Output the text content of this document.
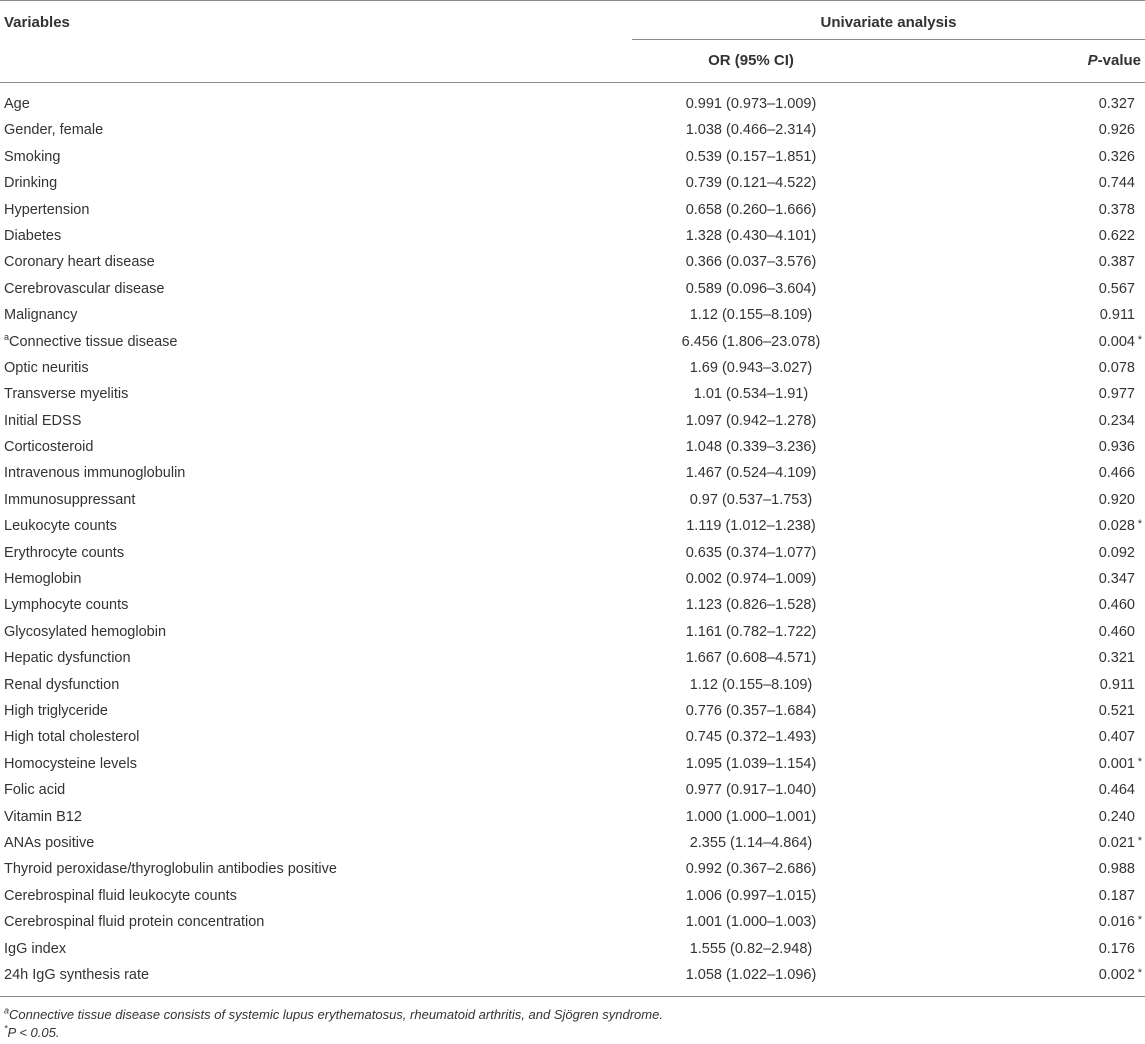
Variables	Univariate analysis
OR (95% CI)	P-value
Age	0.991 (0.973–1.009)	0.327
Gender, female	1.038 (0.466–2.314)	0.926
Smoking	0.539 (0.157–1.851)	0.326
Drinking	0.739 (0.121–4.522)	0.744
Hypertension	0.658 (0.260–1.666)	0.378
Diabetes	1.328 (0.430–4.101)	0.622
Coronary heart disease	0.366 (0.037–3.576)	0.387
Cerebrovascular disease	0.589 (0.096–3.604)	0.567
Malignancy	1.12 (0.155–8.109)	0.911
$^a$Connective tissue disease	6.456 (1.806–23.078)	0.004 *
Optic neuritis	1.69 (0.943–3.027)	0.078
Transverse myelitis	1.01 (0.534–1.91)	0.977
Initial EDSS	1.097 (0.942–1.278)	0.234
Corticosteroid	1.048 (0.339–3.236)	0.936
Intravenous immunoglobulin	1.467 (0.524–4.109)	0.466
Immunosuppressant	0.97 (0.537–1.753)	0.920
Leukocyte counts	1.119 (1.012–1.238)	0.028 *
Erythrocyte counts	0.635 (0.374–1.077)	0.092
Hemoglobin	0.002 (0.974–1.009)	0.347
Lymphocyte counts	1.123 (0.826–1.528)	0.460
Glycosylated hemoglobin	1.161 (0.782–1.722)	0.460
Hepatic dysfunction	1.667 (0.608–4.571)	0.321
Renal dysfunction	1.12 (0.155–8.109)	0.911
High triglyceride	0.776 (0.357–1.684)	0.521
High total cholesterol	0.745 (0.372–1.493)	0.407
Homocysteine levels	1.095 (1.039–1.154)	0.001 *
Folic acid	0.977 (0.917–1.040)	0.464
Vitamin B12	1.000 (1.000–1.001)	0.240
ANAs positive	2.355 (1.14–4.864)	0.021 *
Thyroid peroxidase/thyroglobulin antibodies positive	0.992 (0.367–2.686)	0.988
Cerebrospinal fluid leukocyte counts	1.006 (0.997–1.015)	0.187
Cerebrospinal fluid protein concentration	1.001 (1.000–1.003)	0.016 *
IgG index	1.555 (0.82–2.948)	0.176
24h IgG synthesis rate	1.058 (1.022–1.096)	0.002 *
$^a$Connective tissue disease consists of systemic lupus erythematosus, rheumatoid arthritis, and Sjögren syndrome.
*P < 0.05.
